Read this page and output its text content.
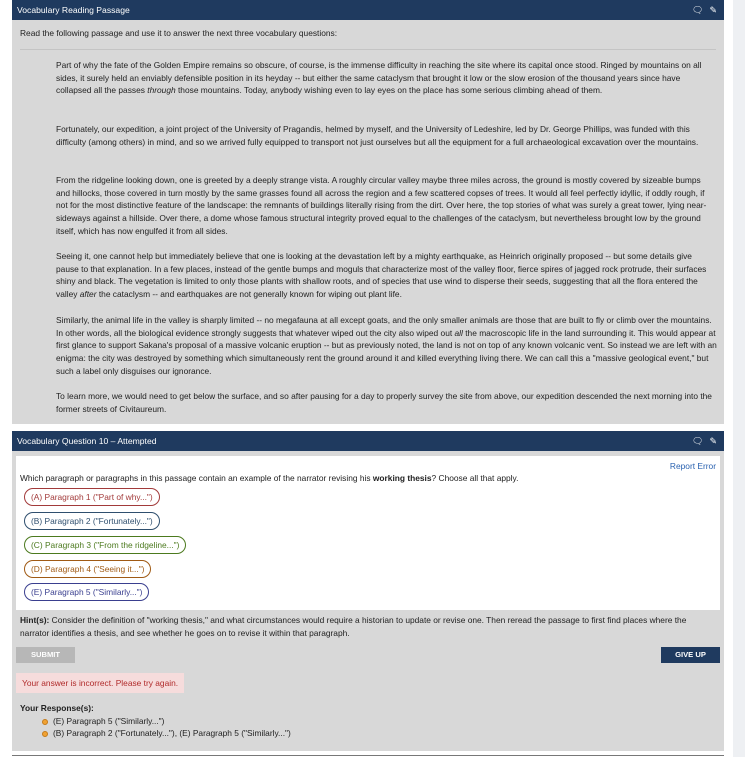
Vocabulary Reading Passage	🗨 ✎
Read the following passage and use it to answer the next three vocabulary questions:

Part of why the fate of the Golden Empire remains so obscure, of course, is the immense difficulty in reaching the site where its capital once stood. Ringed by mountains on all sides, it surely held an enviably defensible position in its heyday -- but either the same cataclysm that brought it low or the slow erosion of the thousand years since have collapsed all the passes through those mountains. Today, anybody wishing even to lay eyes on the place has some serious climbing ahead of them.

Fortunately, our expedition, a joint project of the University of Pragandis, helmed by myself, and the University of Ledeshire, led by Dr. George Phillips, was funded with this difficulty (among others) in mind, and so we arrived fully equipped to transport not just ourselves but all the equipment for a full archaeological excavation over the mountains.

From the ridgeline looking down, one is greeted by a deeply strange vista. A roughly circular valley maybe three miles across, the ground is mostly covered by sizeable bumps and hillocks, those covered in turn mostly by the same grasses found all across the region and a few scattered copses of trees. It would all feel perfectly idyllic, if oddly rough, if not for the most distinctive feature of the landscape: the remnants of buildings literally rising from the dirt. Over here, the top stories of what was surely a great tower, lying near-sideways against a hillside. Over there, a dome whose famous structural integrity proved equal to the challenges of the cataclysm, but nevertheless brought low by the ground itself, which has now engulfed it from all sides.

Seeing it, one cannot help but immediately believe that one is looking at the devastation left by a mighty earthquake, as Heinrich originally proposed -- but some details give pause to that explanation. In a few places, instead of the gentle bumps and moguls that characterize most of the valley floor, fierce spires of jagged rock protrude, their surfaces shiny and black. The vegetation is limited to only those plants with shallow roots, and of species that use wind to disperse their seeds, suggesting that all the flora entered the valley after the cataclysm -- and earthquakes are not generally known for wiping out plant life.

Similarly, the animal life in the valley is sharply limited -- no megafauna at all except goats, and the only smaller animals are those that are built to fly or climb over the mountains. In other words, all the biological evidence strongly suggests that whatever wiped out the city also wiped out all the macroscopic life in the land surrounding it. This would appear at first glance to support Sakana's proposal of a massive volcanic eruption -- but as previously noted, the land is not on top of any known volcanic vent. So instead we are left with an enigma: the city was destroyed by something which simultaneously rent the ground around it and killed everything living there. We can call this a "massive geological event," but such a label only disguises our ignorance.

To learn more, we would need to get below the surface, and so after pausing for a day to properly survey the site from above, our expedition descended the next morning into the former streets of Civitaureum.

Vocabulary Question 10 – Attempted	🗨 ✎
Report Error
Which paragraph or paragraphs in this passage contain an example of the narrator revising his working thesis? Choose all that apply.
(A) Paragraph 1 ("Part of why...")
(B) Paragraph 2 ("Fortunately...")
(C) Paragraph 3 ("From the ridgeline...")
(D) Paragraph 4 ("Seeing it...")
(E) Paragraph 5 ("Similarly...")
Hint(s): Consider the definition of "working thesis," and what circumstances would require a historian to update or revise one. Then reread the passage to first find places where the narrator identifies a thesis, and see whether he goes on to revise it within that paragraph.
SUBMIT	GIVE UP
Your answer is incorrect. Please try again.
Your Response(s):
(E) Paragraph 5 ("Similarly...")
(B) Paragraph 2 ("Fortunately..."), (E) Paragraph 5 ("Similarly...")
